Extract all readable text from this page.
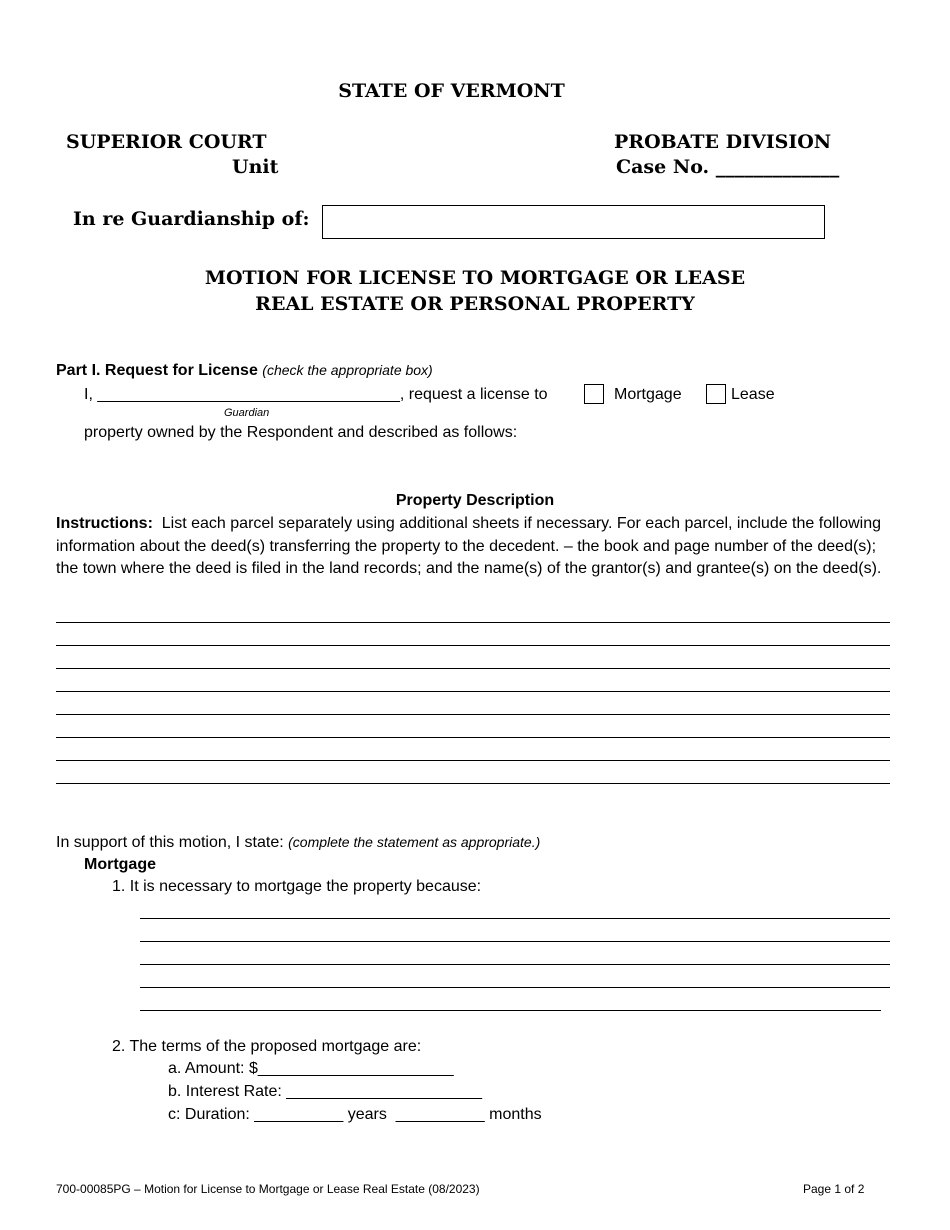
STATE OF VERMONT
SUPERIOR COURT
Unit
PROBATE DIVISION
Case No. _____________
In re Guardianship of:
MOTION FOR LICENSE TO MORTGAGE OR LEASE
REAL ESTATE OR PERSONAL PROPERTY
Part I. Request for License (check the appropriate box)
I, __________________________________, request a license to	Mortgage	Lease
Guardian
property owned by the Respondent and described as follows:
Property Description
Instructions: List each parcel separately using additional sheets if necessary. For each parcel, include the following information about the deed(s) transferring the property to the decedent. – the book and page number of the deed(s); the town where the deed is filed in the land records; and the name(s) of the grantor(s) and grantee(s) on the deed(s).
In support of this motion, I state: (complete the statement as appropriate.)
Mortgage
1. It is necessary to mortgage the property because:
2. The terms of the proposed mortgage are:
a. Amount: $______________________
b. Interest Rate: ______________________
c: Duration: __________ years  __________ months
700-00085PG – Motion for License to Mortgage or Lease Real Estate (08/2023)	Page 1 of 2
